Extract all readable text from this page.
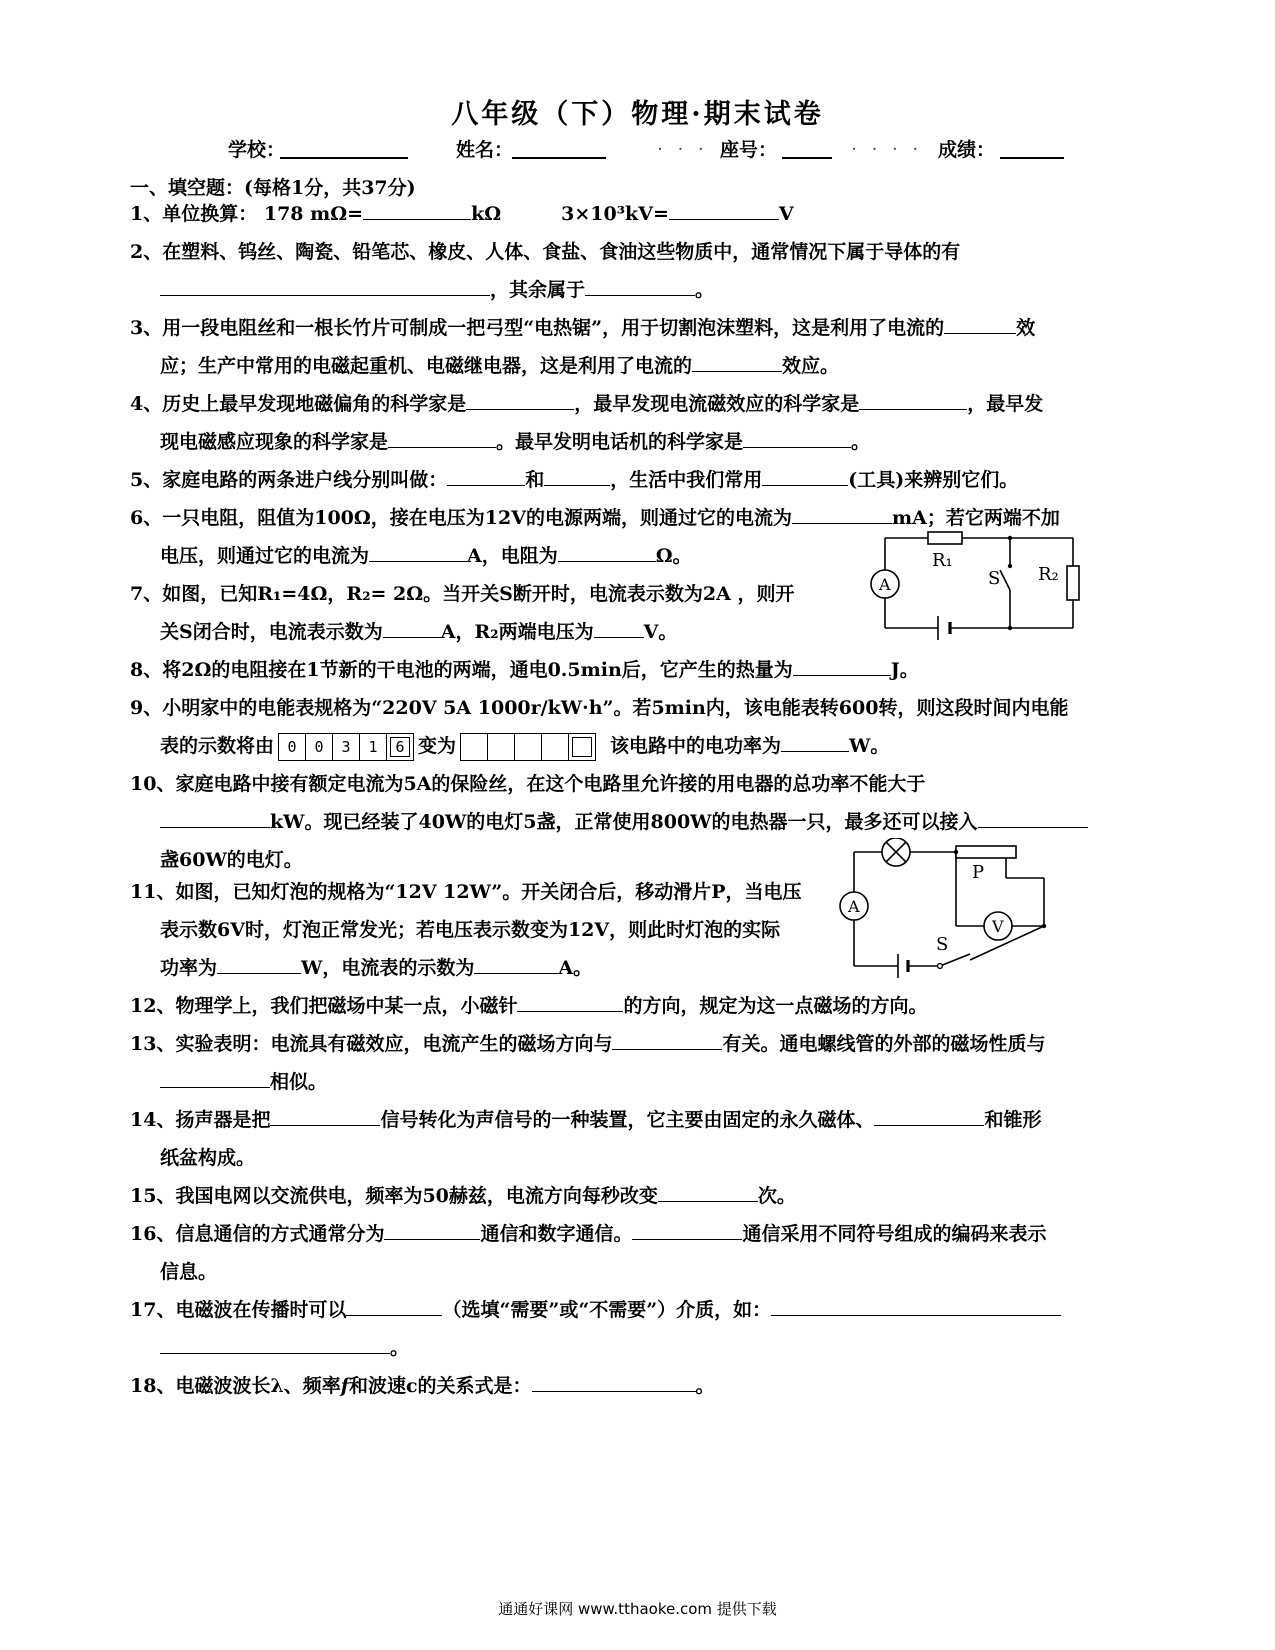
八年级（下）物理·期末试卷
学校：	姓名：	. . . 座号：	. . . . 成绩：
一、填空题：(每格1分，共37分)
1、单位换算： 178 mΩ=	kΩ	3×10³kV=	V
2、在塑料、钨丝、陶瓷、铅笔芯、橡皮、人体、食盐、食油这些物质中，通常情况下属于导体的有
，其余属于	。
3、用一段电阻丝和一根长竹片可制成一把弓型“电热锯”，用于切割泡沫塑料，这是利用了电流的	效
应；生产中常用的电磁起重机、电磁继电器，这是利用了电流的	效应。
4、历史上最早发现地磁偏角的科学家是	，最早发现电流磁效应的科学家是	，最早发
现电磁感应现象的科学家是	。最早发明电话机的科学家是	。
5、家庭电路的两条进户线分别叫做：	和	，生活中我们常用	(工具)来辨别它们。
6、一只电阻，阻值为100Ω，接在电压为12V的电源两端，则通过它的电流为	mA；若它两端不加
电压，则通过它的电流为	A，电阻为	Ω。
7、如图，已知R₁=4Ω，R₂= 2Ω。当开关S断开时，电流表示数为2A ，则开
关S闭合时，电流表示数为	A，R₂两端电压为	V。
A
R₁
R₂
S
8、将2Ω的电阻接在1节新的干电池的两端，通电0.5min后，它产生的热量为	J。
9、小明家中的电能表规格为“220V 5A 1000r/kW·h”。若5min内，该电能表转600转，则这段时间内电能
表的示数将由 0	0	3	1	6 变为	该电路中的电功率为	W。
10、家庭电路中接有额定电流为5A的保险丝，在这个电路里允许接的用电器的总功率不能大于
kW。现已经装了40W的电灯5盏，正常使用800W的电热器一只，最多还可以接入
盏60W的电灯。
A
V
P
S
11、如图，已知灯泡的规格为“12V 12W”。开关闭合后，移动滑片P，当电压
表示数6V时，灯泡正常发光；若电压表示数变为12V，则此时灯泡的实际
功率为	W，电流表的示数为	A。
12、物理学上，我们把磁场中某一点，小磁针	的方向，规定为这一点磁场的方向。
13、实验表明：电流具有磁效应，电流产生的磁场方向与	有关。通电螺线管的外部的磁场性质与
相似。
14、扬声器是把	信号转化为声信号的一种装置，它主要由固定的永久磁体、	和锥形
纸盆构成。
15、我国电网以交流供电，频率为50赫兹，电流方向每秒改变	次。
16、信息通信的方式通常分为	通信和数字通信。	通信采用不同符号组成的编码来表示
信息。
17、电磁波在传播时可以	（选填“需要”或“不需要”）介质，如：
。
18、电磁波波长λ、频率f和波速c的关系式是：	。
通通好课网 www.tthaoke.com 提供下载
